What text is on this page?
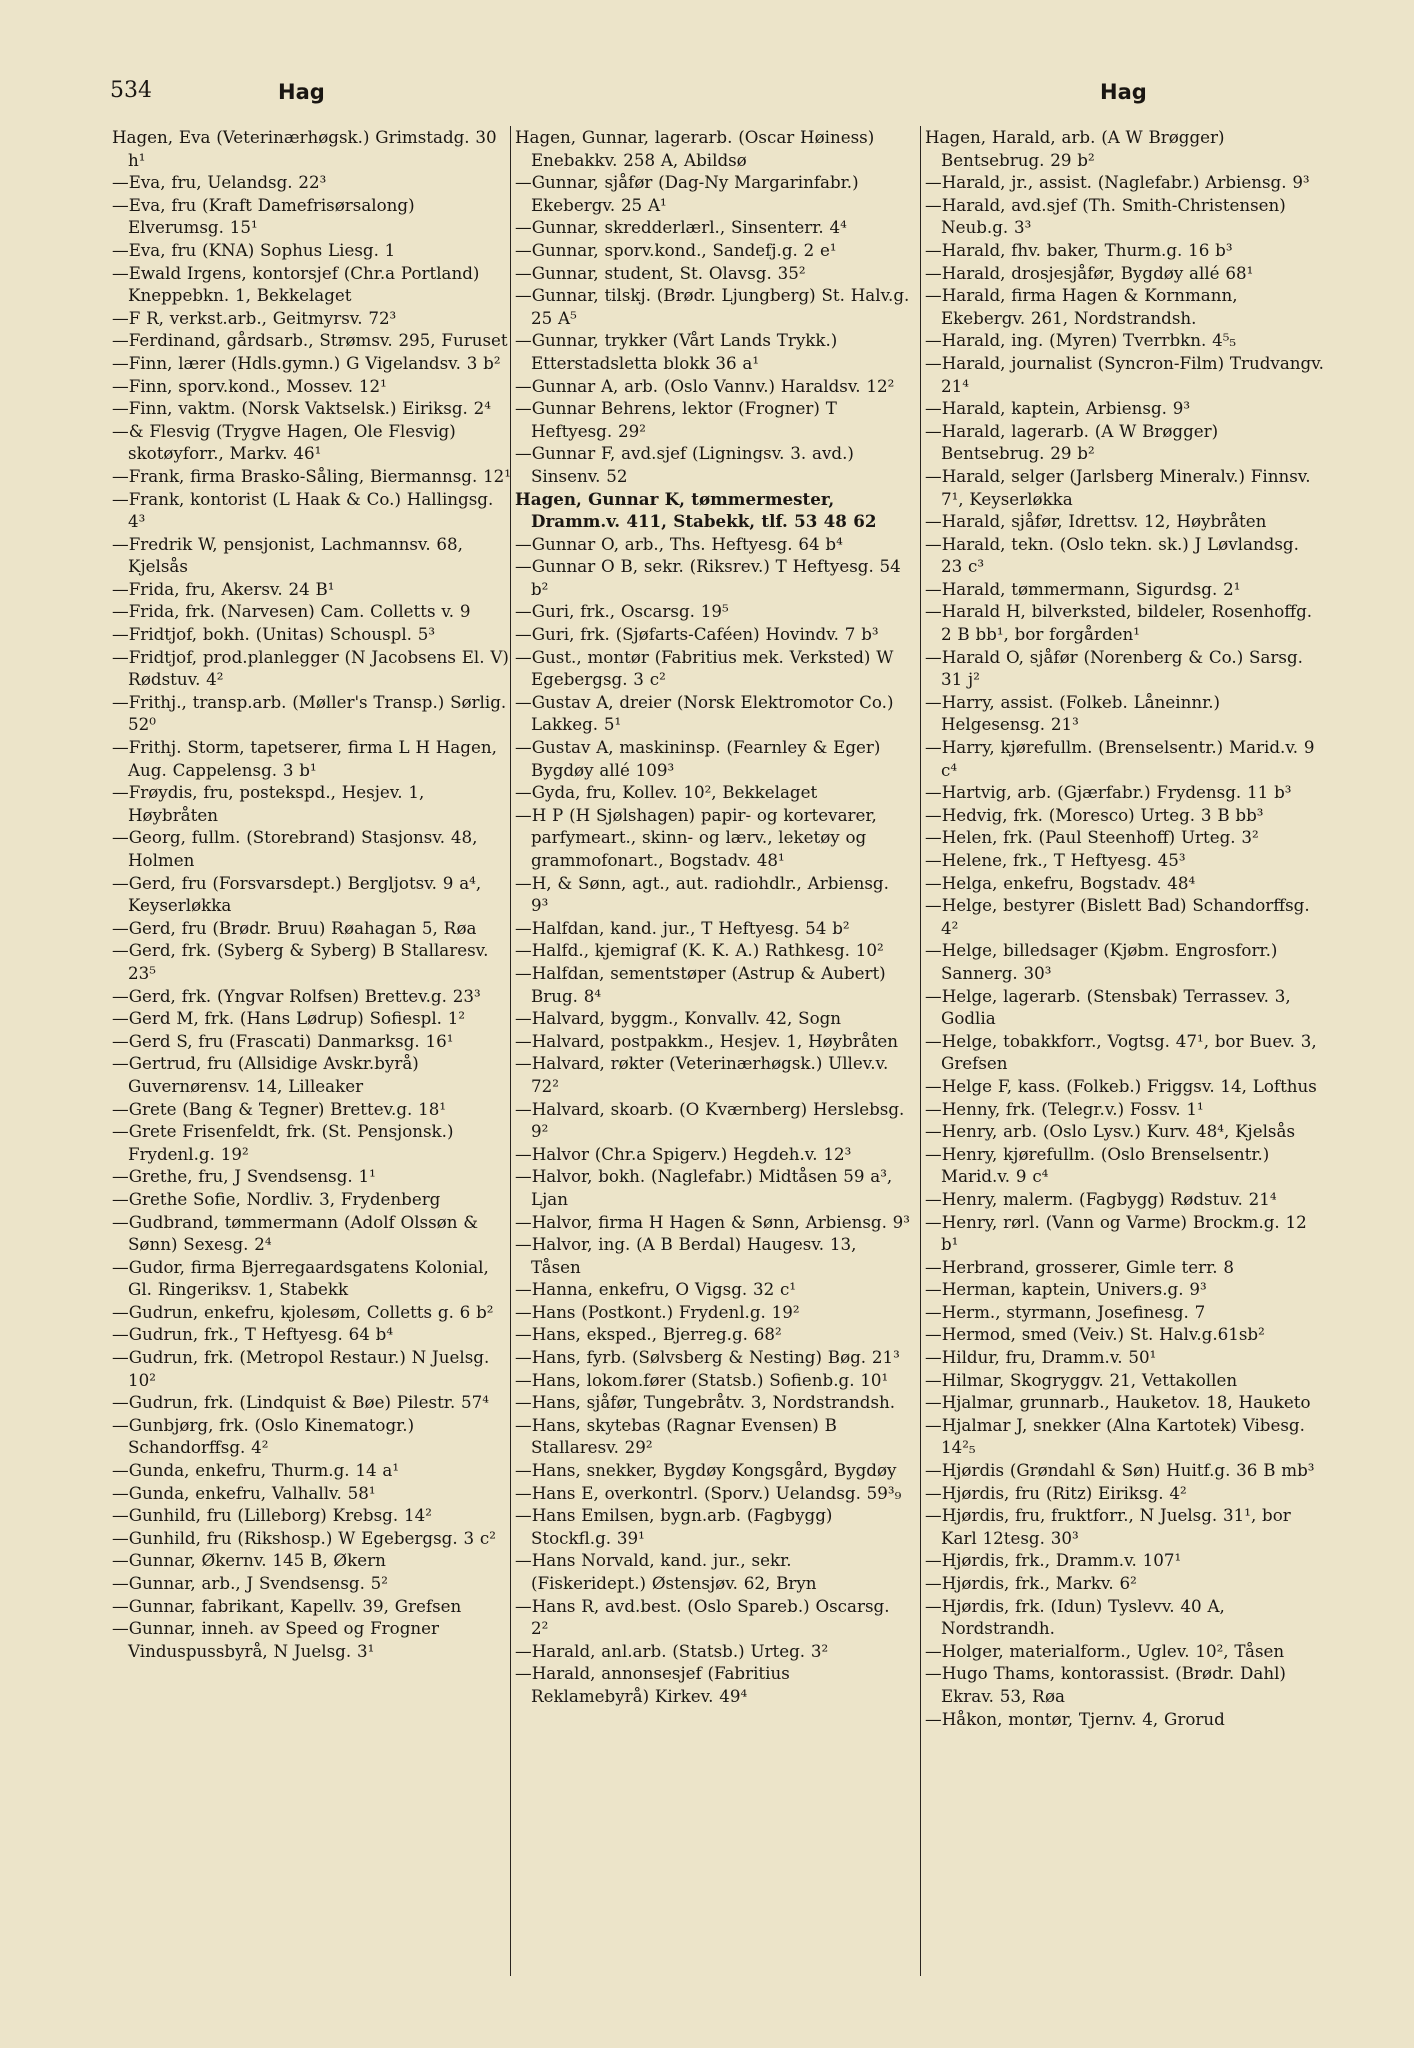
534	Hag	Hag
Hagen, Eva (Veterinærhøgsk.) Grimstadg. 30 h¹
—Eva, fru, Uelandsg. 22³
—Eva, fru (Kraft Damefrisørsalong) Elverumsg. 15¹
—Eva, fru (KNA) Sophus Liesg. 1
—Ewald Irgens, kontorsjef (Chr.a Portland) Kneppebkn. 1, Bekkelaget
—F R, verkst.arb., Geitmyrsv. 72³
—Ferdinand, gårdsarb., Strømsv. 295, Furuset
—Finn, lærer (Hdls.gymn.) G Vigelandsv. 3 b²
—Finn, sporv.kond., Mossev. 12¹
—Finn, vaktm. (Norsk Vaktselsk.) Eiriksg. 2⁴
—& Flesvig (Trygve Hagen, Ole Flesvig) skotøyforr., Markv. 46¹
—Frank, firma Brasko-Såling, Biermannsg. 12¹
—Frank, kontorist (L Haak & Co.) Hallingsg. 4³
—Fredrik W, pensjonist, Lachmannsv. 68, Kjelsås
—Frida, fru, Akersv. 24 B¹
—Frida, frk. (Narvesen) Cam. Colletts v. 9
—Fridtjof, bokh. (Unitas) Schouspl. 5³
—Fridtjof, prod.planlegger (N Jacobsens El. V) Rødstuv. 4²
—Frithj., transp.arb. (Møller's Transp.) Sørlig. 52⁰
—Frithj. Storm, tapetserer, firma L H Hagen, Aug. Cappelensg. 3 b¹
—Frøydis, fru, postekspd., Hesjev. 1, Høybråten
—Georg, fullm. (Storebrand) Stasjonsv. 48, Holmen
—Gerd, fru (Forsvarsdept.) Bergljotsv. 9 a⁴, Keyserløkka
—Gerd, fru (Brødr. Bruu) Røahagan 5, Røa
—Gerd, frk. (Syberg & Syberg) B Stallaresv. 23⁵
—Gerd, frk. (Yngvar Rolfsen) Brettev.g. 23³
—Gerd M, frk. (Hans Lødrup) Sofiespl. 1²
—Gerd S, fru (Frascati) Danmarksg. 16¹
—Gertrud, fru (Allsidige Avskr.byrå) Guvernørensv. 14, Lilleaker
—Grete (Bang & Tegner) Brettev.g. 18¹
—Grete Frisenfeldt, frk. (St. Pensjonsk.) Frydenl.g. 19²
—Grethe, fru, J Svendsensg. 1¹
—Grethe Sofie, Nordliv. 3, Frydenberg
—Gudbrand, tømmermann (Adolf Olssøn & Sønn) Sexesg. 2⁴
—Gudor, firma Bjerregaardsgatens Kolonial, Gl. Ringeriksv. 1, Stabekk
—Gudrun, enkefru, kjolesøm, Colletts g. 6 b²
—Gudrun, frk., T Heftyesg. 64 b⁴
—Gudrun, frk. (Metropol Restaur.) N Juelsg. 10²
—Gudrun, frk. (Lindquist & Bøe) Pilestr. 57⁴
—Gunbjørg, frk. (Oslo Kinematogr.) Schandorffsg. 4²
—Gunda, enkefru, Thurm.g. 14 a¹
—Gunda, enkefru, Valhallv. 58¹
—Gunhild, fru (Lilleborg) Krebsg. 14²
—Gunhild, fru (Rikshosp.) W Egebergsg. 3 c²
—Gunnar, Økernv. 145 B, Økern
—Gunnar, arb., J Svendsensg. 5²
—Gunnar, fabrikant, Kapellv. 39, Grefsen
—Gunnar, inneh. av Speed og Frogner Vinduspussbyrå, N Juelsg. 3¹
Hagen, Gunnar, lagerarb. (Oscar Høiness) Enebakkv. 258 A, Abildsø
—Gunnar, sjåfør (Dag-Ny Margarinfabr.) Ekebergv. 25 A¹
—Gunnar, skredderlærl., Sinsenterr. 4⁴
—Gunnar, sporv.kond., Sandefj.g. 2 e¹
—Gunnar, student, St. Olavsg. 35²
—Gunnar, tilskj. (Brødr. Ljungberg) St. Halv.g. 25 A⁵
—Gunnar, trykker (Vårt Lands Trykk.) Etterstadsletta blokk 36 a¹
—Gunnar A, arb. (Oslo Vannv.) Haraldsv. 12²
—Gunnar Behrens, lektor (Frogner) T Heftyesg. 29²
—Gunnar F, avd.sjef (Ligningsv. 3. avd.) Sinsenv. 52
Hagen, Gunnar K, tømmermester, Dramm.v. 411, Stabekk, tlf. 53 48 62
—Gunnar O, arb., Ths. Heftyesg. 64 b⁴
—Gunnar O B, sekr. (Riksrev.) T Heftyesg. 54 b²
—Guri, frk., Oscarsg. 19⁵
—Guri, frk. (Sjøfarts-Caféen) Hovindv. 7 b³
—Gust., montør (Fabritius mek. Verksted) W Egebergsg. 3 c²
—Gustav A, dreier (Norsk Elektromotor Co.) Lakkeg. 5¹
—Gustav A, maskininsp. (Fearnley & Eger) Bygdøy allé 109³
—Gyda, fru, Kollev. 10², Bekkelaget
—H P (H Sjølshagen) papir- og kortevarer, parfymeart., skinn- og lærv., leketøy og grammofonart., Bogstadv. 48¹
—H, & Sønn, agt., aut. radiohdlr., Arbiensg. 9³
—Halfdan, kand. jur., T Heftyesg. 54 b²
—Halfd., kjemigraf (K. K. A.) Rathkesg. 10²
—Halfdan, sementstøper (Astrup & Aubert) Brug. 8⁴
—Halvard, byggm., Konvallv. 42, Sogn
—Halvard, postpakkm., Hesjev. 1, Høybråten
—Halvard, røkter (Veterinærhøgsk.) Ullev.v. 72²
—Halvard, skoarb. (O Kværnberg) Herslebsg. 9²
—Halvor (Chr.a Spigerv.) Hegdeh.v. 12³
—Halvor, bokh. (Naglefabr.) Midtåsen 59 a³, Ljan
—Halvor, firma H Hagen & Sønn, Arbiensg. 9³
—Halvor, ing. (A B Berdal) Haugesv. 13, Tåsen
—Hanna, enkefru, O Vigsg. 32 c¹
—Hans (Postkont.) Frydenl.g. 19²
—Hans, eksped., Bjerreg.g. 68²
—Hans, fyrb. (Sølvsberg & Nesting) Bøg. 21³
—Hans, lokom.fører (Statsb.) Sofienb.g. 10¹
—Hans, sjåfør, Tungebråtv. 3, Nordstrandsh.
—Hans, skytebas (Ragnar Evensen) B Stallaresv. 29²
—Hans, snekker, Bygdøy Kongsgård, Bygdøy
—Hans E, overkontrl. (Sporv.) Uelandsg. 59³₉
—Hans Emilsen, bygn.arb. (Fagbygg) Stockfl.g. 39¹
—Hans Norvald, kand. jur., sekr. (Fiskeridept.) Østensjøv. 62, Bryn
—Hans R, avd.best. (Oslo Spareb.) Oscarsg. 2²
—Harald, anl.arb. (Statsb.) Urteg. 3²
—Harald, annonsesjef (Fabritius Reklamebyrå) Kirkev. 49⁴
Hagen, Harald, arb. (A W Brøgger) Bentsebrug. 29 b²
—Harald, jr., assist. (Naglefabr.) Arbiensg. 9³
—Harald, avd.sjef (Th. Smith-Christensen) Neub.g. 3³
—Harald, fhv. baker, Thurm.g. 16 b³
—Harald, drosjesjåfør, Bygdøy allé 68¹
—Harald, firma Hagen & Kornmann, Ekebergv. 261, Nordstrandsh.
—Harald, ing. (Myren) Tverrbkn. 4⁵₅
—Harald, journalist (Syncron-Film) Trudvangv. 21⁴
—Harald, kaptein, Arbiensg. 9³
—Harald, lagerarb. (A W Brøgger) Bentsebrug. 29 b²
—Harald, selger (Jarlsberg Mineralv.) Finnsv. 7¹, Keyserløkka
—Harald, sjåfør, Idrettsv. 12, Høybråten
—Harald, tekn. (Oslo tekn. sk.) J Løvlandsg. 23 c³
—Harald, tømmermann, Sigurdsg. 2¹
—Harald H, bilverksted, bildeler, Rosenhoffg. 2 B bb¹, bor forgården¹
—Harald O, sjåfør (Norenberg & Co.) Sarsg. 31 j²
—Harry, assist. (Folkeb. Låneinnr.) Helgesensg. 21³
—Harry, kjørefullm. (Brenselsentr.) Marid.v. 9 c⁴
—Hartvig, arb. (Gjærfabr.) Frydensg. 11 b³
—Hedvig, frk. (Moresco) Urteg. 3 B bb³
—Helen, frk. (Paul Steenhoff) Urteg. 3²
—Helene, frk., T Heftyesg. 45³
—Helga, enkefru, Bogstadv. 48⁴
—Helge, bestyrer (Bislett Bad) Schandorffsg. 4²
—Helge, billedsager (Kjøbm. Engrosforr.) Sannerg. 30³
—Helge, lagerarb. (Stensbak) Terrassev. 3, Godlia
—Helge, tobakkforr., Vogtsg. 47¹, bor Buev. 3, Grefsen
—Helge F, kass. (Folkeb.) Friggsv. 14, Lofthus
—Henny, frk. (Telegr.v.) Fossv. 1¹
—Henry, arb. (Oslo Lysv.) Kurv. 48⁴, Kjelsås
—Henry, kjørefullm. (Oslo Brenselsentr.) Marid.v. 9 c⁴
—Henry, malerm. (Fagbygg) Rødstuv. 21⁴
—Henry, rørl. (Vann og Varme) Brockm.g. 12 b¹
—Herbrand, grosserer, Gimle terr. 8
—Herman, kaptein, Univers.g. 9³
—Herm., styrmann, Josefinesg. 7
—Hermod, smed (Veiv.) St. Halv.g.61sb²
—Hildur, fru, Dramm.v. 50¹
—Hilmar, Skogryggv. 21, Vettakollen
—Hjalmar, grunnarb., Hauketov. 18, Hauketo
—Hjalmar J, snekker (Alna Kartotek) Vibesg. 14²₅
—Hjørdis (Grøndahl & Søn) Huitf.g. 36 B mb³
—Hjørdis, fru (Ritz) Eiriksg. 4²
—Hjørdis, fru, fruktforr., N Juelsg. 31¹, bor Karl 12tesg. 30³
—Hjørdis, frk., Dramm.v. 107¹
—Hjørdis, frk., Markv. 6²
—Hjørdis, frk. (Idun) Tyslevv. 40 A, Nordstrandh.
—Holger, materialform., Uglev. 10², Tåsen
—Hugo Thams, kontorassist. (Brødr. Dahl) Ekrav. 53, Røa
—Håkon, montør, Tjernv. 4, Grorud
